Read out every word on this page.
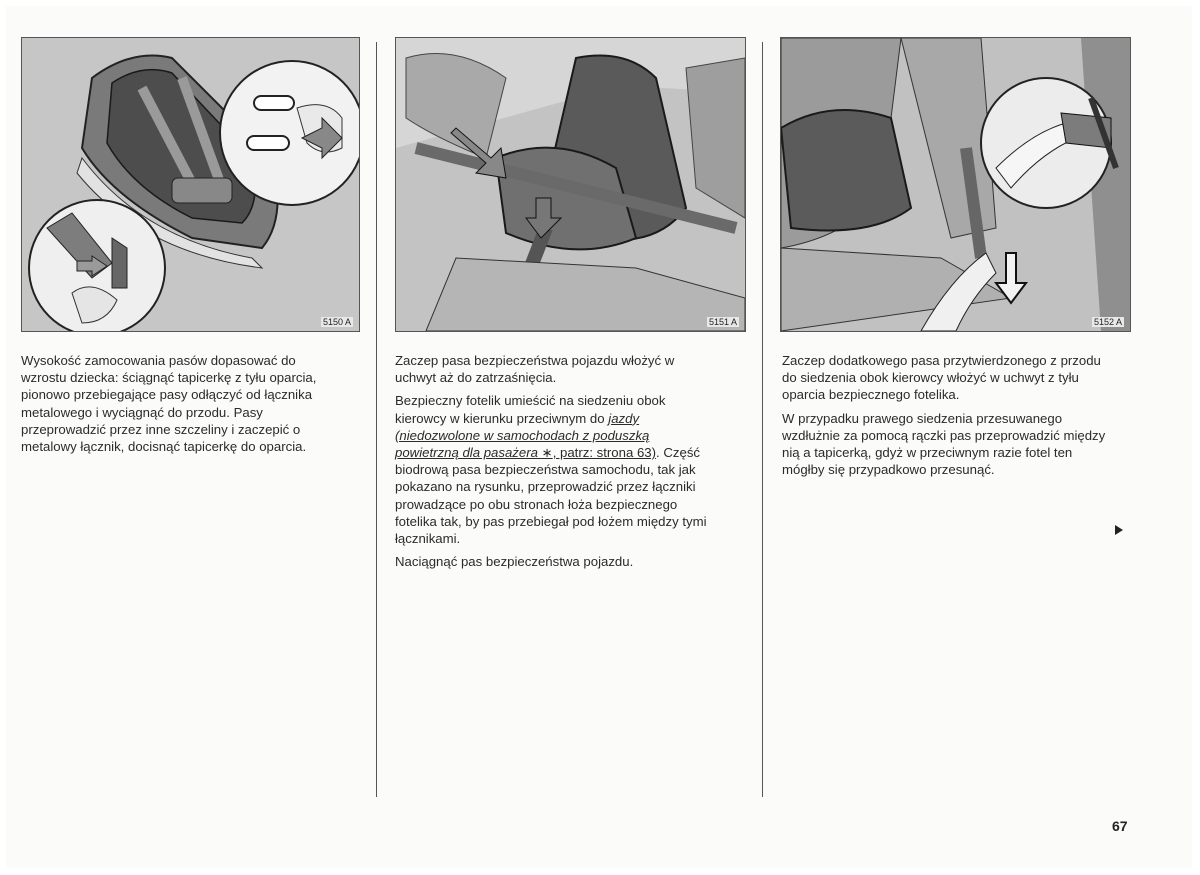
5150 A	5151 A	5152 A

Wysokość zamocowania pasów dopasować do wzrostu dziecka: ściągnąć tapicerkę z tyłu oparcia, pionowo przebiegające pasy odłączyć od łącznika metalowego i wyciągnąć do przodu. Pasy przeprowadzić przez inne szczeliny i zaczepić o metalowy łącznik, docisnąć tapicerkę do oparcia.

Zaczep pasa bezpieczeństwa pojazdu włożyć w uchwyt aż do zatrzaśnięcia.

Bezpieczny fotelik umieścić na siedzeniu obok kierowcy w kierunku przeciwnym do jazdy (niedozwolone w samochodach z poduszką powietrzną dla pasażera ∗, patrz: strona 63). Część biodrową pasa bezpieczeństwa samochodu, tak jak pokazano na rysunku, przeprowadzić przez łączniki prowadzące po obu stronach łoża bezpiecznego fotelika tak, by pas przebiegał pod łożem między tymi łącznikami.

Naciągnąć pas bezpieczeństwa pojazdu.

Zaczep dodatkowego pasa przytwierdzonego z przodu do siedzenia obok kierowcy włożyć w uchwyt z tyłu oparcia bezpiecznego fotelika.

W przypadku prawego siedzenia przesuwanego wzdłużnie za pomocą rączki pas przeprowadzić między nią a tapicerką, gdyż w przeciwnym razie fotel ten mógłby się przypadkowo przesunąć.

67
